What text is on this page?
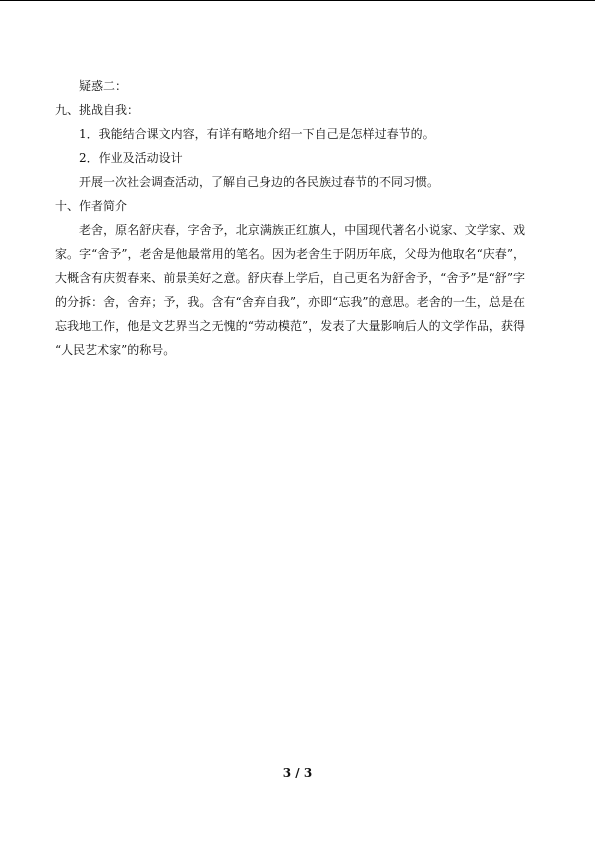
疑惑二：
九、挑战自我：
1．我能结合课文内容，有详有略地介绍一下自己是怎样过春节的。
2．作业及活动设计
开展一次社会调查活动，了解自己身边的各民族过春节的不同习惯。
十、作者简介
老舍，原名舒庆春，字舍予，北京满族正红旗人，中国现代著名小说家、文学家、戏
家。字“舍予”，老舍是他最常用的笔名。因为老舍生于阴历年底，父母为他取名“庆春”，
大概含有庆贺春来、前景美好之意。舒庆春上学后，自己更名为舒舍予，“舍予”是“舒”字
的分拆：舍，舍弃；予，我。含有“舍弃自我”，亦即“忘我”的意思。老舍的一生，总是在
忘我地工作，他是文艺界当之无愧的“劳动模范”，发表了大量影响后人的文学作品，获得
“人民艺术家”的称号。
3 / 3
